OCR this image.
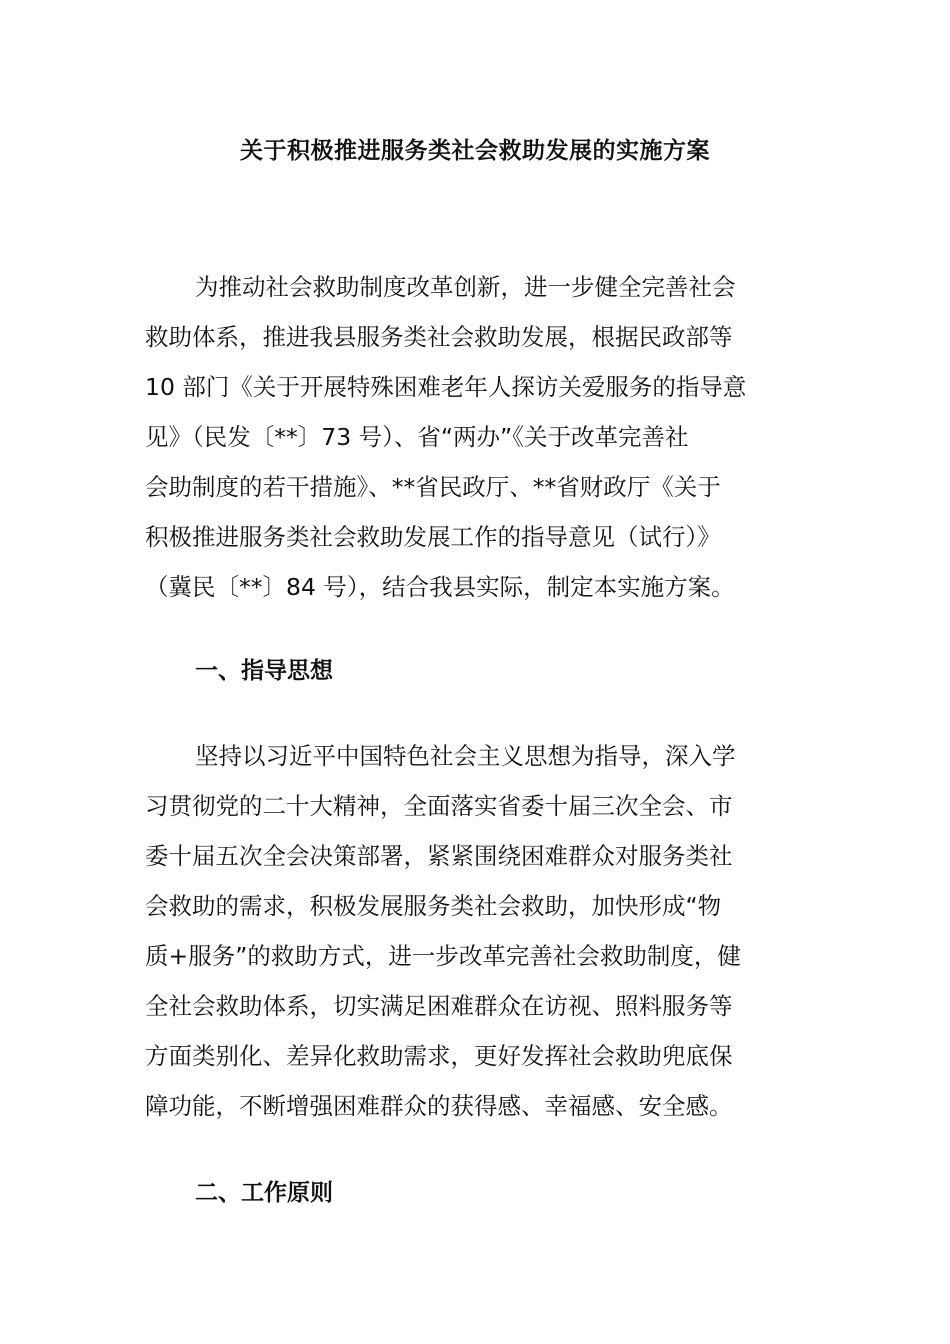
关于积极推进服务类社会救助发展的实施方案

为推动社会救助制度改革创新，进一步健全完善社会
救助体系，推进我县服务类社会救助发展，根据民政部等
10 部门《关于开展特殊困难老年人探访关爱服务的指导意
见》（民发〔**〕73 号）、省“两办”《关于改革完善社
会助制度的若干措施》、**省民政厅、**省财政厅《关于
积极推进服务类社会救助发展工作的指导意见（试行）》
（冀民〔**〕84 号），结合我县实际，制定本实施方案。

一、指导思想

坚持以习近平中国特色社会主义思想为指导，深入学
习贯彻党的二十大精神，全面落实省委十届三次全会、市
委十届五次全会决策部署，紧紧围绕困难群众对服务类社
会救助的需求，积极发展服务类社会救助，加快形成“物
质+服务”的救助方式，进一步改革完善社会救助制度，健
全社会救助体系，切实满足困难群众在访视、照料服务等
方面类别化、差异化救助需求，更好发挥社会救助兜底保
障功能，不断增强困难群众的获得感、幸福感、安全感。

二、工作原则
